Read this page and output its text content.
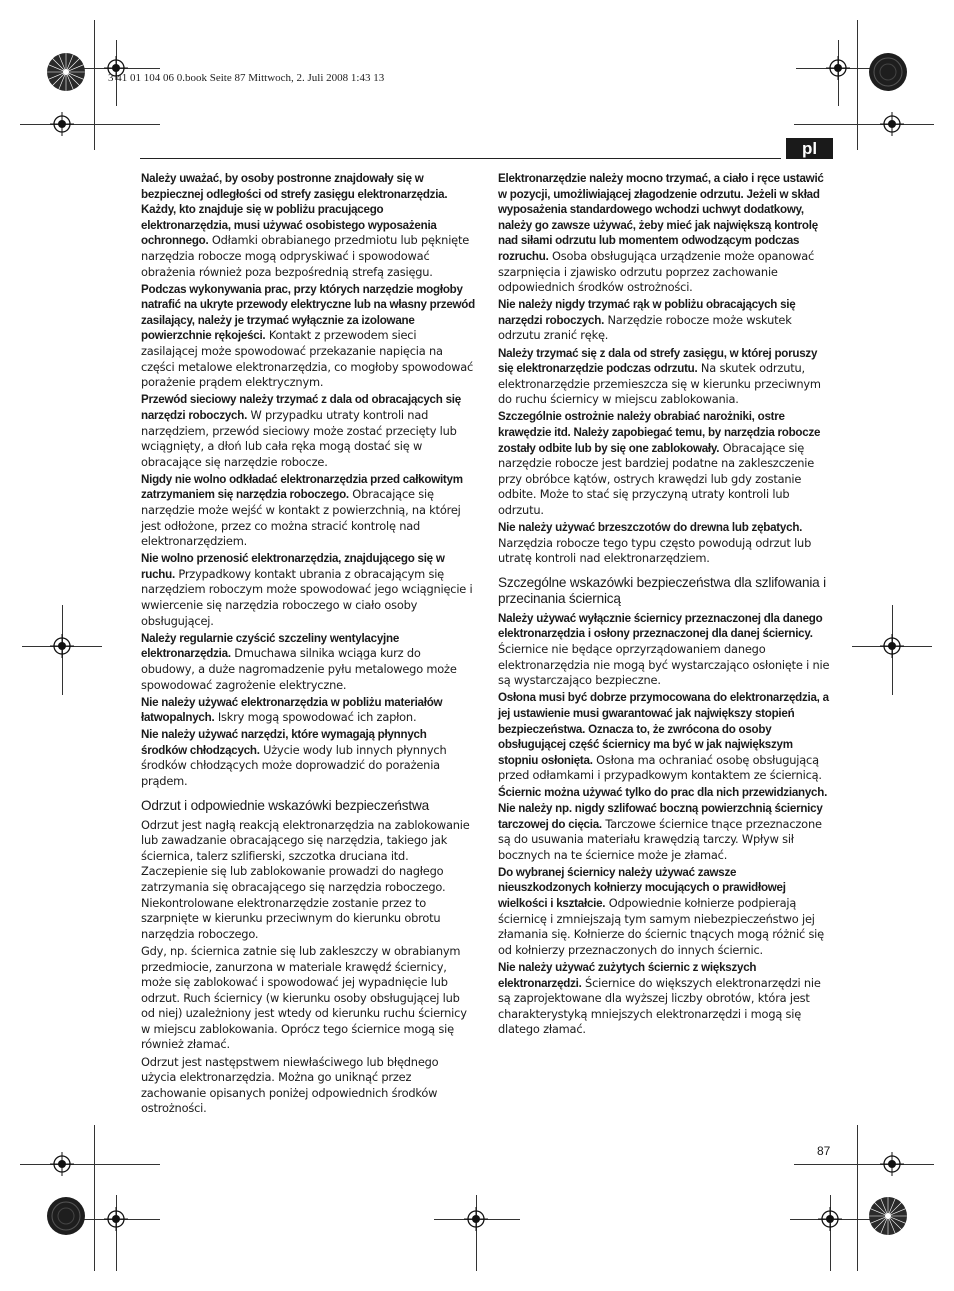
3 41 01 104 06 0.book Seite 87 Mittwoch, 2. Juli 2008 1:43 13
pl

Należy uważać, by osoby postronne znajdowały się w bezpiecznej odległości od strefy zasięgu elektronarzędzia. Każdy, kto znajduje się w pobliżu pracującego elektronarzędzia, musi używać osobistego wyposażenia ochronnego. Odłamki obrabianego przedmiotu lub pęknięte narzędzia robocze mogą odpryskiwać i spowodować obrażenia również poza bezpośrednią strefą zasięgu.

Podczas wykonywania prac, przy których narzędzie mogłoby natrafić na ukryte przewody elektryczne lub na własny przewód zasilający, należy je trzymać wyłącznie za izolowane powierzchnie rękojeści. Kontakt z przewodem sieci zasilającej może spowodować przekazanie napięcia na części metalowe elektronarzędzia, co mogłoby spowodować porażenie prądem elektrycznym.

Przewód sieciowy należy trzymać z dala od obracających się narzędzi roboczych. W przypadku utraty kontroli nad narzędziem, przewód sieciowy może zostać przecięty lub wciągnięty, a dłoń lub cała ręka mogą dostać się w obracające się narzędzie robocze.

Nigdy nie wolno odkładać elektronarzędzia przed całkowitym zatrzymaniem się narzędzia roboczego. Obracające się narzędzie może wejść w kontakt z powierzchnią, na której jest odłożone, przez co można stracić kontrolę nad elektronarzędziem.

Nie wolno przenosić elektronarzędzia, znajdującego się w ruchu. Przypadkowy kontakt ubrania z obracającym się narzędziem roboczym może spowodować jego wciągnięcie i wwiercenie się narzędzia roboczego w ciało osoby obsługującej.

Należy regularnie czyścić szczeliny wentylacyjne elektronarzędzia. Dmuchawa silnika wciąga kurz do obudowy, a duże nagromadzenie pyłu metalowego może spowodować zagrożenie elektryczne.

Nie należy używać elektronarzędzia w pobliżu materiałów łatwopalnych. Iskry mogą spowodować ich zapłon.

Nie należy używać narzędzi, które wymagają płynnych środków chłodzących. Użycie wody lub innych płynnych środków chłodzących może doprowadzić do porażenia prądem.

Odrzut i odpowiednie wskazówki bezpieczeństwa

Odrzut jest nagłą reakcją elektronarzędzia na zablokowanie lub zawadzanie obracającego się narzędzia, takiego jak ściernica, talerz szlifierski, szczotka druciana itd. Zaczepienie się lub zablokowanie prowadzi do nagłego zatrzymania się obracającego się narzędzia roboczego. Niekontrolowane elektronarzędzie zostanie przez to szarpnięte w kierunku przeciwnym do kierunku obrotu narzędzia roboczego.

Gdy, np. ściernica zatnie się lub zakleszczy w obrabianym przedmiocie, zanurzona w materiale krawędź ściernicy, może się zablokować i spowodować jej wypadnięcie lub odrzut. Ruch ściernicy (w kierunku osoby obsługującej lub od niej) uzależniony jest wtedy od kierunku ruchu ściernicy w miejscu zablokowania. Oprócz tego ściernice mogą się również złamać.

Odrzut jest następstwem niewłaściwego lub błędnego użycia elektronarzędzia. Można go uniknąć przez zachowanie opisanych poniżej odpowiednich środków ostrożności.

Elektronarzędzie należy mocno trzymać, a ciało i ręce ustawić w pozycji, umożliwiającej złagodzenie odrzutu. Jeżeli w skład wyposażenia standardowego wchodzi uchwyt dodatkowy, należy go zawsze używać, żeby mieć jak największą kontrolę nad siłami odrzutu lub momentem odwodzącym podczas rozruchu. Osoba obsługująca urządzenie może opanować szarpnięcia i zjawisko odrzutu poprzez zachowanie odpowiednich środków ostrożności.

Nie należy nigdy trzymać rąk w pobliżu obracających się narzędzi roboczych. Narzędzie robocze może wskutek odrzutu zranić rękę.

Należy trzymać się z dala od strefy zasięgu, w której poruszy się elektronarzędzie podczas odrzutu. Na skutek odrzutu, elektronarzędzie przemieszcza się w kierunku przeciwnym do ruchu ściernicy w miejscu zablokowania.

Szczególnie ostrożnie należy obrabiać narożniki, ostre krawędzie itd. Należy zapobiegać temu, by narzędzia robocze zostały odbite lub by się one zablokowały. Obracające się narzędzie robocze jest bardziej podatne na zakleszczenie przy obróbce kątów, ostrych krawędzi lub gdy zostanie odbite. Może to stać się przyczyną utraty kontroli lub odrzutu.

Nie należy używać brzeszczotów do drewna lub zębatych. Narzędzia robocze tego typu często powodują odrzut lub utratę kontroli nad elektronarzędziem.

Szczególne wskazówki bezpieczeństwa dla szlifowania i przecinania ściernicą

Należy używać wyłącznie ściernicy przeznaczonej dla danego elektronarzędzia i osłony przeznaczonej dla danej ściernicy. Ściernice nie będące oprzyrządowaniem danego elektronarzędzia nie mogą być wystarczająco osłonięte i nie są wystarczająco bezpieczne.

Osłona musi być dobrze przymocowana do elektronarzędzia, a jej ustawienie musi gwarantować jak największy stopień bezpieczeństwa. Oznacza to, że zwrócona do osoby obsługującej część ściernicy ma być w jak największym stopniu osłonięta. Osłona ma ochraniać osobę obsługującą przed odłamkami i przypadkowym kontaktem ze ściernicą.

Ściernic można używać tylko do prac dla nich przewidzianych. Nie należy np. nigdy szlifować boczną powierzchnią ściernicy tarczowej do cięcia. Tarczowe ściernice tnące przeznaczone są do usuwania materiału krawędzią tarczy. Wpływ sił bocznych na te ściernice może je złamać.

Do wybranej ściernicy należy używać zawsze nieuszkodzonych kołnierzy mocujących o prawidłowej wielkości i kształcie. Odpowiednie kołnierze podpierają ściernicę i zmniejszają tym samym niebezpieczeństwo jej złamania się. Kołnierze do ściernic tnących mogą różnić się od kołnierzy przeznaczonych do innych ściernic.

Nie należy używać zużytych ściernic z większych elektronarzędzi. Ściernice do większych elektronarzędzi nie są zaprojektowane dla wyższej liczby obrotów, która jest charakterystyką mniejszych elektronarzędzi i mogą się dlatego złamać.

87
